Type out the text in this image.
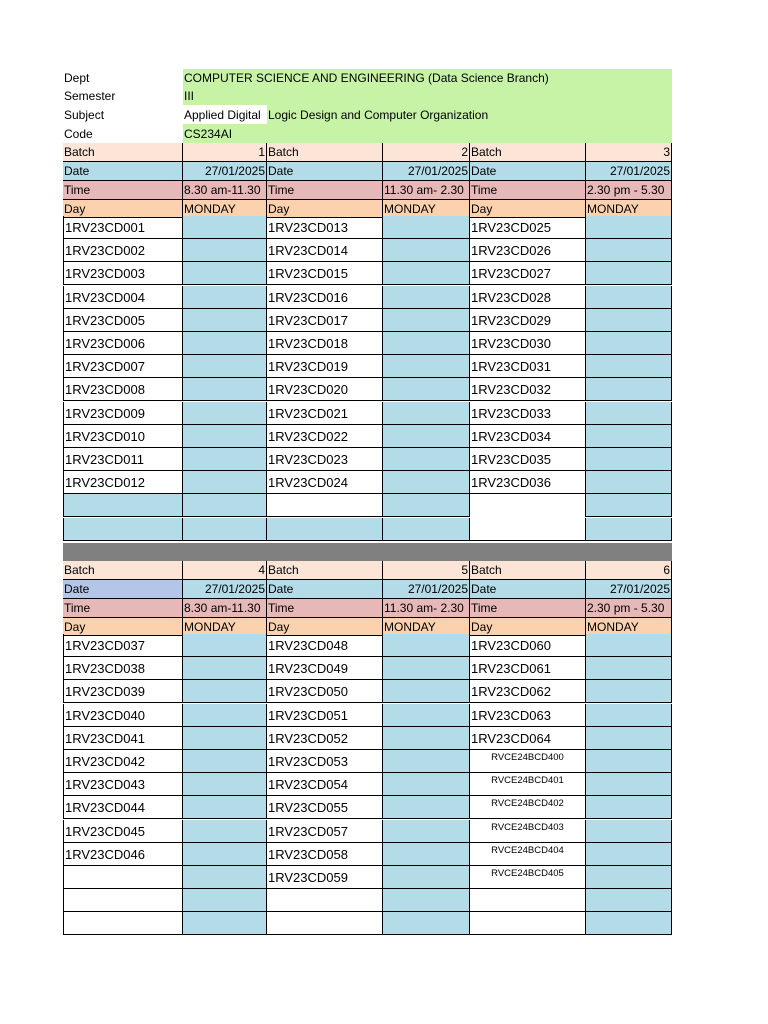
Dept	COMPUTER SCIENCE AND ENGINEERING (Data Science Branch)
Semester	III
Subject	Applied Digital Logic Design and Computer Organization
Code	CS234AI
Batch	1
Date	27/01/2025
Time	8.30 am-11.30
Day	MONDAY
1RV23CD001
1RV23CD002
1RV23CD003
1RV23CD004
1RV23CD005
1RV23CD006
1RV23CD007
1RV23CD008
1RV23CD009
1RV23CD010
1RV23CD011
1RV23CD012
Batch	2
Date	27/01/2025
Time	11.30 am- 2.30
Day	MONDAY
1RV23CD013
1RV23CD014
1RV23CD015
1RV23CD016
1RV23CD017
1RV23CD018
1RV23CD019
1RV23CD020
1RV23CD021
1RV23CD022
1RV23CD023
1RV23CD024
Batch	3
Date	27/01/2025
Time	2.30 pm - 5.30
Day	MONDAY
1RV23CD025
1RV23CD026
1RV23CD027
1RV23CD028
1RV23CD029
1RV23CD030
1RV23CD031
1RV23CD032
1RV23CD033
1RV23CD034
1RV23CD035
1RV23CD036
Batch	4
Date	27/01/2025
Time	8.30 am-11.30
Day	MONDAY
1RV23CD037
1RV23CD038
1RV23CD039
1RV23CD040
1RV23CD041
1RV23CD042
1RV23CD043
1RV23CD044
1RV23CD045
1RV23CD046
Batch	5
Date	27/01/2025
Time	11.30 am- 2.30
Day	MONDAY
1RV23CD048
1RV23CD049
1RV23CD050
1RV23CD051
1RV23CD052
1RV23CD053
1RV23CD054
1RV23CD055
1RV23CD057
1RV23CD058
1RV23CD059
Batch	6
Date	27/01/2025
Time	2.30 pm - 5.30
Day	MONDAY
1RV23CD060
1RV23CD061
1RV23CD062
1RV23CD063
1RV23CD064
RVCE24BCD400
RVCE24BCD401
RVCE24BCD402
RVCE24BCD403
RVCE24BCD404
RVCE24BCD405
